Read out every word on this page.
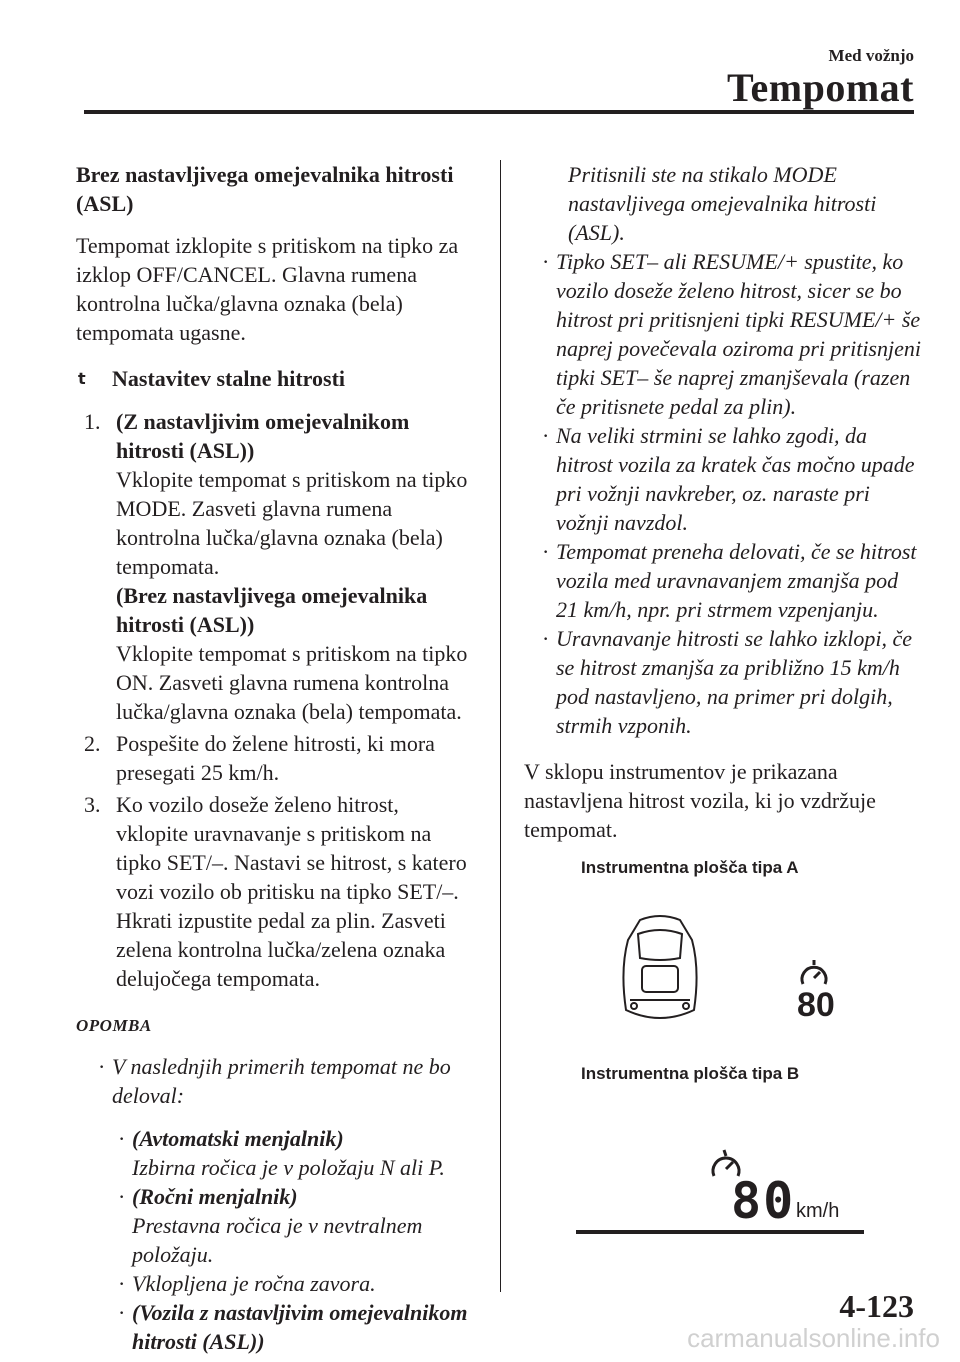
Med vožnjo
Tempomat

Brez nastavljivega omejevalnika hitrosti (ASL)

Tempomat izklopite s pritiskom na tipko za izklop OFF/CANCEL. Glavna rumena kontrolna lučka/glavna oznaka (bela) tempomata ugasne.

t Nastavitev stalne hitrosti
1. (Z nastavljivim omejevalnikom hitrosti (ASL))

Vklopite tempomat s pritiskom na tipko MODE. Zasveti glavna rumena kontrolna lučka/glavna oznaka (bela) tempomata.

(Brez nastavljivega omejevalnika hitrosti (ASL))

Vklopite tempomat s pritiskom na tipko ON. Zasveti glavna rumena kontrolna lučka/glavna oznaka (bela) tempomata.

2. Pospešite do želene hitrosti, ki mora presegati 25 km/h.

3. Ko vozilo doseže želeno hitrost, vklopite uravnavanje s pritiskom na tipko SET/–. Nastavi se hitrost, s katero vozi vozilo ob pritisku na tipko SET/–. Hkrati izpustite pedal za plin. Zasveti zelena kontrolna lučka/zelena oznaka delujočega tempomata.

OPOMBA

· V naslednjih primerih tempomat ne bo deloval:
· (Avtomatski menjalnik)

Izbirna ročica je v položaju N ali P.

· (Ročni menjalnik)

Prestavna ročica je v nevtralnem položaju.

· Vklopljena je ročna zavora.

· (Vozila z nastavljivim omejevalnikom hitrosti (ASL))

Pritisnili ste na stikalo MODE nastavljivega omejevalnika hitrosti (ASL).

· Tipko SET– ali RESUME/+ spustite, ko vozilo doseže želeno hitrost, sicer se bo hitrost pri pritisnjeni tipki RESUME/+ še naprej povečevala oziroma pri pritisnjeni tipki SET– še naprej zmanjševala (razen če pritisnete pedal za plin).
· Na veliki strmini se lahko zgodi, da hitrost vozila za kratek čas močno upade pri vožnji navkreber, oz. naraste pri vožnji navzdol.
· Tempomat preneha delovati, če se hitrost vozila med uravnavanjem zmanjša pod 21 km/h, npr. pri strmem vzpenjanju.
· Uravnavanje hitrosti se lahko izklopi, če se hitrost zmanjša za približno 15 km/h pod nastavljeno, na primer pri dolgih, strmih vzponih.

V sklopu instrumentov je prikazana nastavljena hitrost vozila, ki jo vzdržuje tempomat.

Instrumentna plošča tipa A
80
Instrumentna plošča tipa B
80 km/h
4-123
carmanualsonline.info
